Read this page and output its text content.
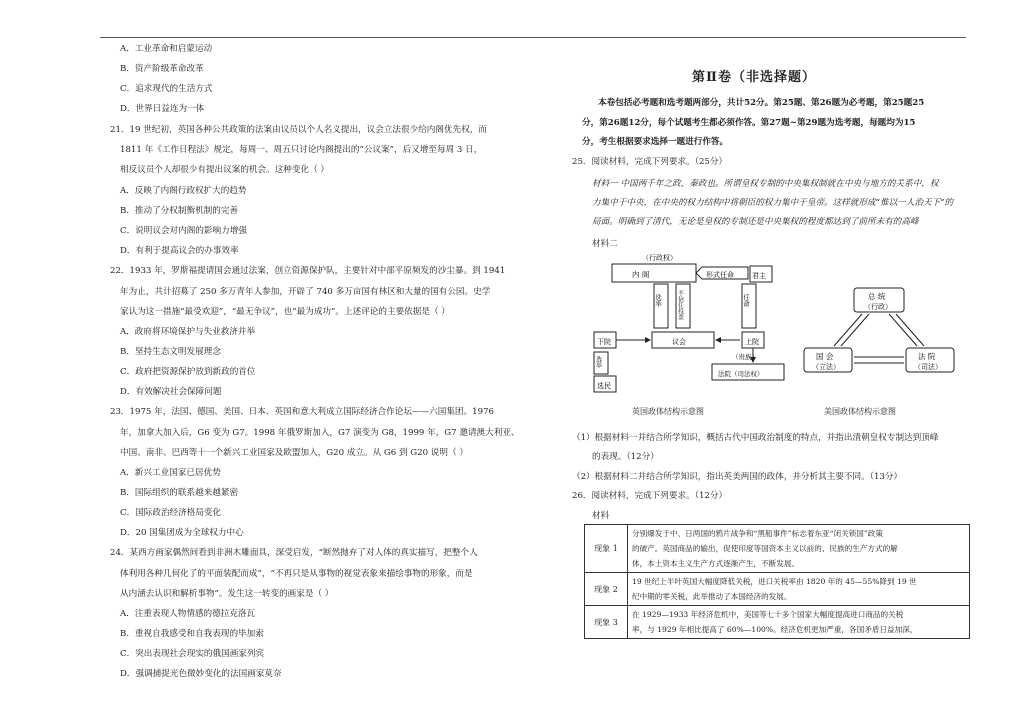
A．工业革命和启蒙运动
B．资产阶级革命改革
C．追求现代的生活方式
D．世界日益连为一体
21．19 世纪初，英国各种公共政策的法案由议员以个人名义提出，议会立法很少给内阁优先权，而
1811 年《工作日程法》规定，每周一、周五只讨论内阁提出的“公议案”，后又增至每周 3 日，
相反议员个人却很少有提出议案的机会。这种变化（ ）
A．反映了内阁行政权扩大的趋势
B．推动了分权制衡机制的完善
C．说明议会对内阁的影响力增强
D．有利于提高议会的办事效率
22．1933 年，罗斯福提请国会通过法案，创立资源保护队，主要针对中部平原频发的沙尘暴。到 1941
年为止，共计招募了 250 多万青年人参加，开辟了 740 多万亩国有林区和大量的国有公园。史学
家认为这一措施“最受欢迎”，“最无争议”，也“最为成功”。上述评论的主要依据是（ ）
A．政府将环境保护与失业救济并举
B．坚持生态文明发展理念
C．政府把资源保护放到新政的首位
D．有效解决社会保障问题
23．1975 年，法国、德国、美国、日本、英国和意大利成立国际经济合作论坛——六国集团。1976
年，加拿大加入后，G6 变为 G7。1998 年俄罗斯加入，G7 演变为 G8，1999 年，G7 邀请澳大利亚、
中国、南非、巴西等十一个新兴工业国家及欧盟加入，G20 成立。从 G6 到 G20 说明（ ）
A．新兴工业国家已居优势
B．国际组织的联系越来越紧密
C．国际政治经济格局变化
D．20 国集团成为全球权力中心
24．某西方画家偶然间看到非洲木雕面具，深受启发，“断然抛弃了对人体的真实描写，把整个人
体利用各种几何化了的平面装配而成”，“不再只是从事物的视觉表象来描绘事物的形象，而是
从内涵去认识和解析事物”。发生这一转变的画家是（ ）
A．注重表现人物情感的德拉克洛瓦
B．重视自我感受和自我表现的毕加索
C．突出表现社会现实的俄国画家列宾
D．强调捕捉光色微妙变化的法国画家莫奈
第Ⅱ卷（非选择题）
本卷包括必考题和选考题两部分，共计52分。第25题、第26题为必考题，第25题25
分，第26题12分，每个试题考生都必须作答。第27题~第29题为选考题，每题均为15
分，考生根据要求选择一题进行作答。
25．阅读材料，完成下列要求。（25分）
材料一 中国两千年之政，秦政也。所谓皇权专制的中央集权制就在中央与地方的关系中，权
力集中于中央，在中央的权力结构中将朝臣的权力集中于皇帝。这样就形成“惟以一人治天下”的
局面。明确到了清代，无论是皇权的专制还是中央集权的程度都达到了前所未有的高峰
材料二
（行政权）
内 阁	君主
形式任命
选举 不信任投票	任命
下院	议会	上院
（贵族）
选举
选民
法院（司法权）
总 统
（行政）
国 会
（立法）
法 院
（司法）
英国政体结构示意图	美国政体结构示意图
（1）根据材料一并结合所学知识，概括古代中国政治制度的特点，并指出清朝皇权专制达到顶峰
的表现。（12分）
（2）根据材料二并结合所学知识，指出英美两国的政体，并分析其主要不同。（13分）
26．阅读材料，完成下列要求。（12分）
材料
现象 1	分别爆发于中、日两国的鸦片战争和“黑船事件”标志着东亚“闭关锁国”政策
的破产。英国商品的输出，促使印度等国资本主义以前的、民族的生产方式的解
体，本土资本主义生产方式逐渐产生，不断发展。

现象 2	19 世纪上半叶英国大幅度降低关税，进口关税率由 1820 年的 45—55%降到 19 世
纪中期的零关税，此举推动了本国经济的发展。

现象 3	在 1929—1933 年经济危机中，美国等七十多个国家大幅度提高进口商品的关税
率，与 1929 年相比提高了 60%—100%。经济危机更加严重，各国矛盾日益加深，
